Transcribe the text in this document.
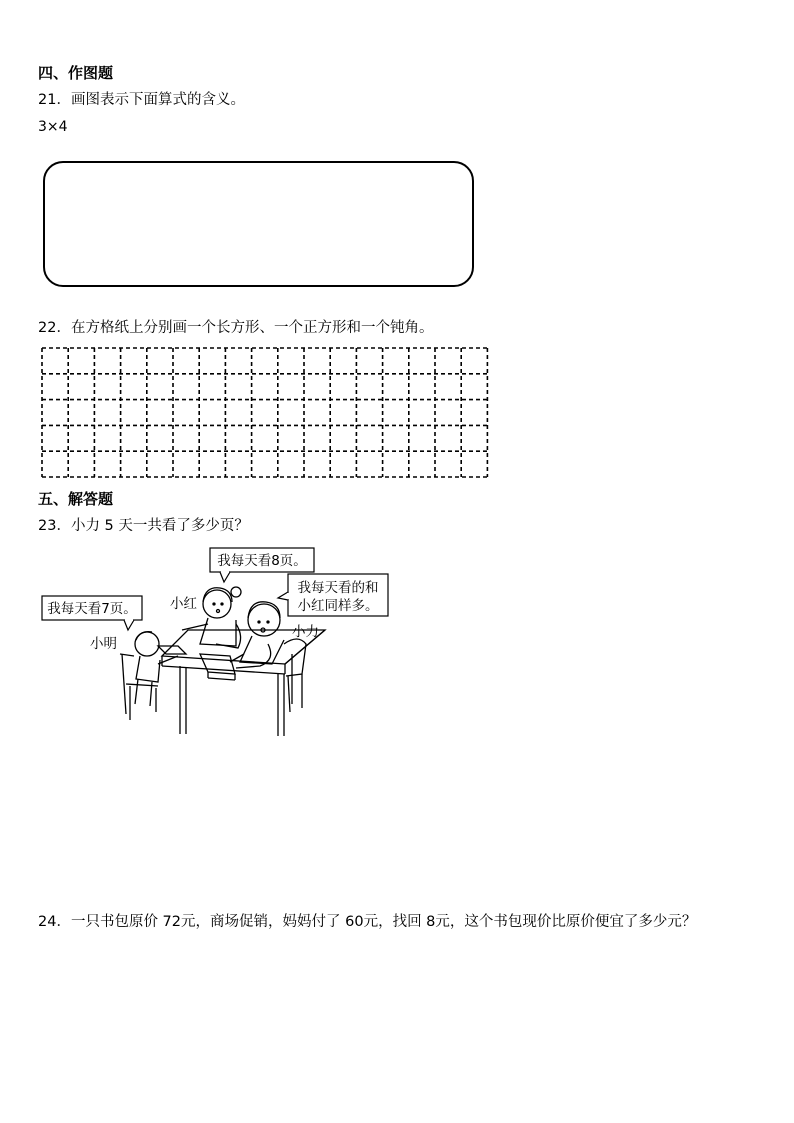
四、作图题
21．画图表示下面算式的含义。
3×4
22．在方格纸上分别画一个长方形、一个正方形和一个钝角。
五、解答题
23．小力 5 天一共看了多少页？
我每天看8页。
我每天看的和
小红同样多。
我每天看7页。 小红
小明
小力
24．一只书包原价 72元，商场促销，妈妈付了 60元，找回 8元，这个书包现价比原价便宜了多少元？
